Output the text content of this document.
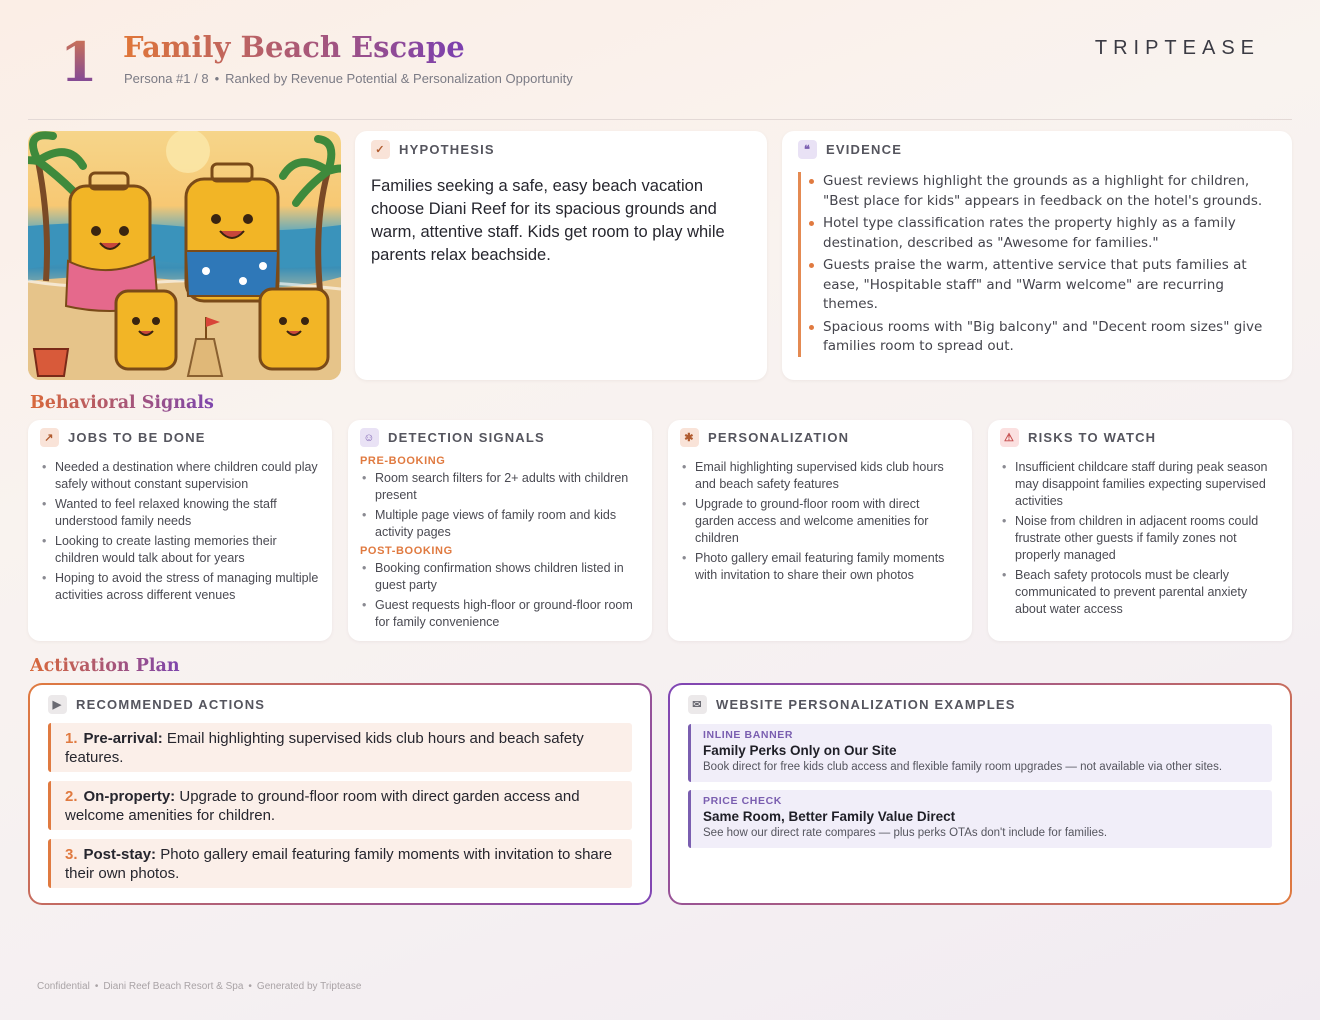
1 Family Beach Escape
Persona #1 / 8 • Ranked by Revenue Potential & Personalization Opportunity
TRIPTEASE
✓	HYPOTHESIS
Families seeking a safe, easy beach vacation choose Diani Reef for its spacious grounds and warm, attentive staff. Kids get room to play while parents relax beachside.
❝	EVIDENCE
Guest reviews highlight the grounds as a highlight for children, "Best place for kids" appears in feedback on the hotel's grounds.
Hotel type classification rates the property highly as a family destination, described as "Awesome for families."
Guests praise the warm, attentive service that puts families at ease, "Hospitable staff" and "Warm welcome" are recurring themes.
Spacious rooms with "Big balcony" and "Decent room sizes" give families room to spread out.
Behavioral Signals
↗	JOBS TO BE DONE
• Needed a destination where children could play safely without constant supervision
• Wanted to feel relaxed knowing the staff understood family needs
• Looking to create lasting memories their children would talk about for years
• Hoping to avoid the stress of managing multiple activities across different venues
☺ DETECTION SIGNALS
PRE-BOOKING
• Room search filters for 2+ adults with children present
• Multiple page views of family room and kids activity pages
POST-BOOKING
• Booking confirmation shows children listed in guest party
• Guest requests high-floor or ground-floor room for family convenience
✱	PERSONALIZATION
• Email highlighting supervised kids club hours and beach safety features
• Upgrade to ground-floor room with direct garden access and welcome amenities for children
• Photo gallery email featuring family moments with invitation to share their own photos
⚠ RISKS TO WATCH
• Insufficient childcare staff during peak season may disappoint families expecting supervised activities
• Noise from children in adjacent rooms could frustrate other guests if family zones not properly managed
• Beach safety protocols must be clearly communicated to prevent parental anxiety about water access
Activation Plan
▶	RECOMMENDED ACTIONS
1. Pre-arrival: Email highlighting supervised kids club hours and beach safety features.
2. On-property: Upgrade to ground-floor room with direct garden access and welcome amenities for children.
3. Post-stay: Photo gallery email featuring family moments with invitation to share their own photos.
✉	WEBSITE PERSONALIZATION EXAMPLES
INLINE BANNER
Family Perks Only on Our Site
Book direct for free kids club access and flexible family room upgrades — not available via other sites.
PRICE CHECK
Same Room, Better Family Value Direct
See how our direct rate compares — plus perks OTAs don't include for families.
Confidential • Diani Reef Beach Resort & Spa • Generated by Triptease
